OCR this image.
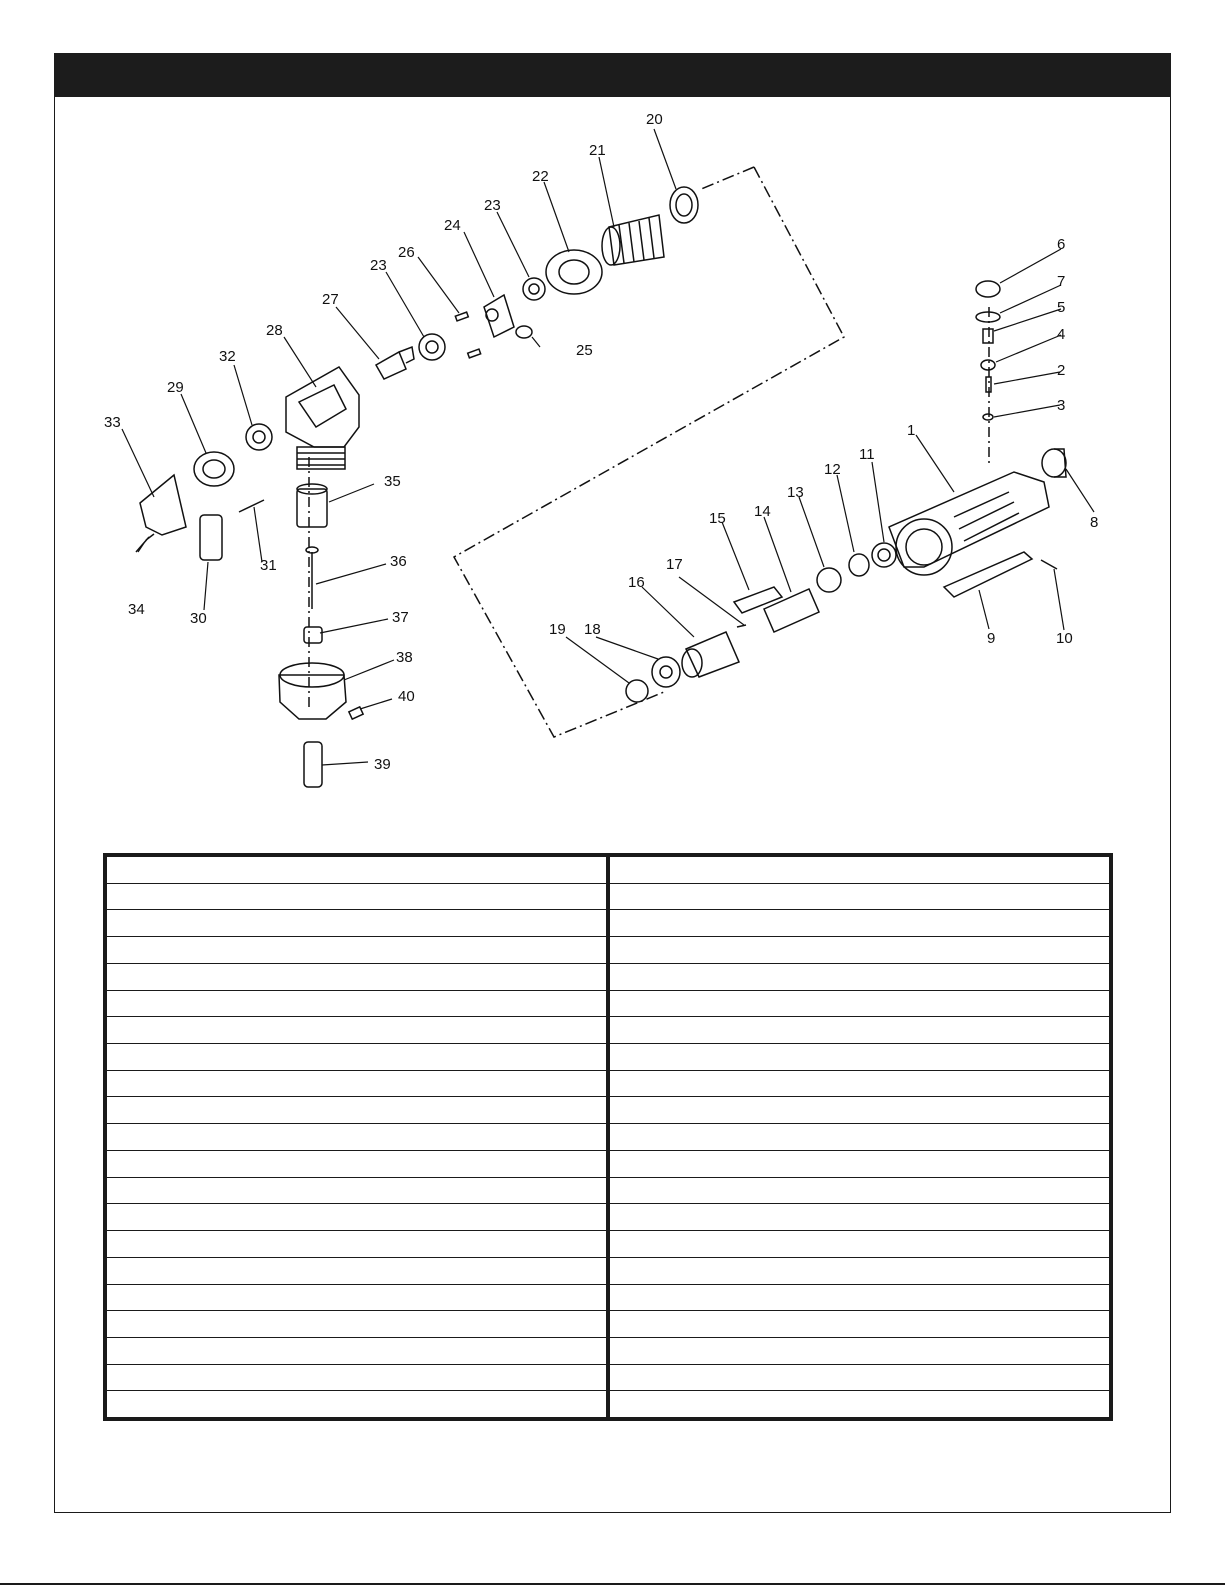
20
21
22
23
24
26
23
27
28
32
29
33
25
35
36
37
38
40
39
34
30
31
6
7
5
4
2
3
1
8
9	10
11
12
13
14
15
17
16
18
19
